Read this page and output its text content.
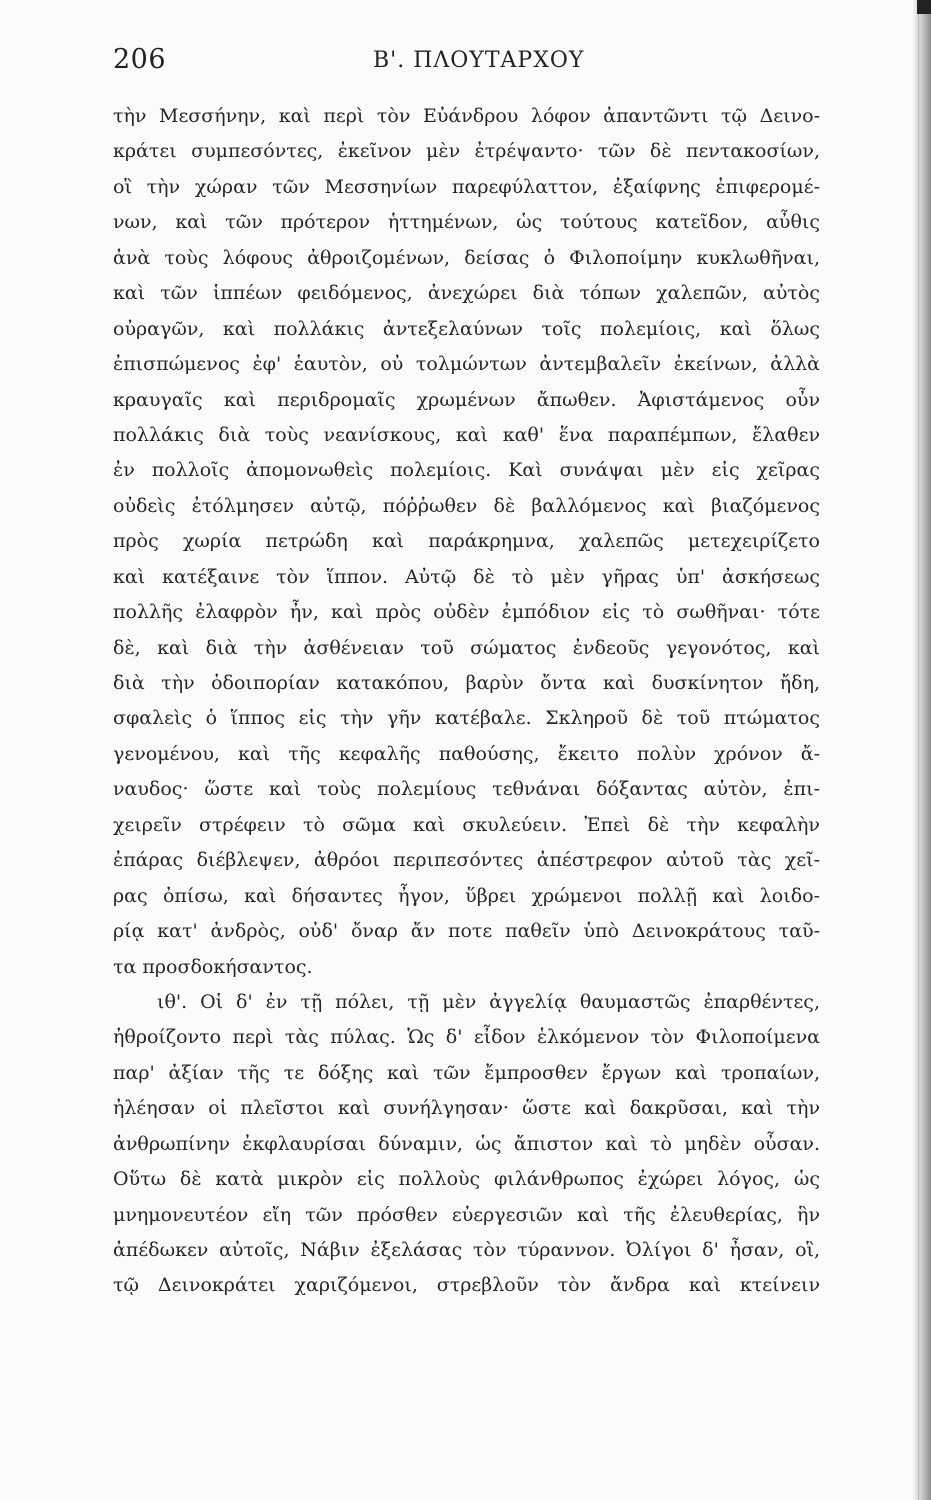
206	Β'. ΠΛΟΥΤΑΡΧΟΥ
τὴν Μεσσήνην, καὶ περὶ τὸν Εὐάνδρου λόφον ἀπαντῶντι τῷ Δεινο-
κράτει συμπεσόντες, ἐκεῖνον μὲν ἐτρέψαντο· τῶν δὲ πεντακοσίων,
οἳ τὴν χώραν τῶν Μεσσηνίων παρεφύλαττον, ἐξαίφνης ἐπιφερομέ-
νων, καὶ τῶν πρότερον ἡττημένων, ὡς τούτους κατεῖδον, αὖθις
ἀνὰ τοὺς λόφους ἀθροιζομένων, δείσας ὁ Φιλοποίμην κυκλωθῆναι,
καὶ τῶν ἱππέων φειδόμενος, ἀνεχώρει διὰ τόπων χαλεπῶν, αὐτὸς
οὐραγῶν, καὶ πολλάκις ἀντεξελαύνων τοῖς πολεμίοις, καὶ ὅλως
ἐπισπώμενος ἐφ' ἑαυτὸν, οὐ τολμώντων ἀντεμβαλεῖν ἐκείνων, ἀλλὰ
κραυγαῖς καὶ περιδρομαῖς χρωμένων ἄπωθεν. Ἀφιστάμενος οὖν
πολλάκις διὰ τοὺς νεανίσκους, καὶ καθ' ἕνα παραπέμπων, ἔλαθεν
ἐν πολλοῖς ἀπομονωθεὶς πολεμίοις. Καὶ συνάψαι μὲν εἰς χεῖρας
οὐδεὶς ἐτόλμησεν αὐτῷ, πόῤῥωθεν δὲ βαλλόμενος καὶ βιαζόμενος
πρὸς χωρία πετρώδη καὶ παράκρημνα, χαλεπῶς μετεχειρίζετο
καὶ κατέξαινε τὸν ἵππον. Αὐτῷ δὲ τὸ μὲν γῆρας ὑπ' ἀσκήσεως
πολλῆς ἐλαφρὸν ἦν, καὶ πρὸς οὐδὲν ἐμπόδιον εἰς τὸ σωθῆναι· τότε
δὲ, καὶ διὰ τὴν ἀσθένειαν τοῦ σώματος ἐνδεοῦς γεγονότος, καὶ
διὰ τὴν ὁδοιπορίαν κατακόπου, βαρὺν ὄντα καὶ δυσκίνητον ἤδη,
σφαλεὶς ὁ ἵππος εἰς τὴν γῆν κατέβαλε. Σκληροῦ δὲ τοῦ πτώματος
γενομένου, καὶ τῆς κεφαλῆς παθούσης, ἔκειτο πολὺν χρόνον ἄ-
ναυδος· ὥστε καὶ τοὺς πολεμίους τεθνάναι δόξαντας αὐτὸν, ἐπι-
χειρεῖν στρέφειν τὸ σῶμα καὶ σκυλεύειν. Ἐπεὶ δὲ τὴν κεφαλὴν
ἐπάρας διέβλεψεν, ἀθρόοι περιπεσόντες ἀπέστρεφον αὐτοῦ τὰς χεῖ-
ρας ὀπίσω, καὶ δήσαντες ἦγον, ὕβρει χρώμενοι πολλῇ καὶ λοιδο-
ρίᾳ κατ' ἀνδρὸς, οὐδ' ὄναρ ἄν ποτε παθεῖν ὑπὸ Δεινοκράτους ταῦ-
τα προσδοκήσαντος.
ιθ'. Οἱ δ' ἐν τῇ πόλει, τῇ μὲν ἀγγελίᾳ θαυμαστῶς ἐπαρθέντες,
ἠθροίζοντο περὶ τὰς πύλας. Ὡς δ' εἶδον ἑλκόμενον τὸν Φιλοποίμενα
παρ' ἀξίαν τῆς τε δόξης καὶ τῶν ἔμπροσθεν ἔργων καὶ τροπαίων,
ἠλέησαν οἱ πλεῖστοι καὶ συνήλγησαν· ὥστε καὶ δακρῦσαι, καὶ τὴν
ἀνθρωπίνην ἐκφλαυρίσαι δύναμιν, ὡς ἄπιστον καὶ τὸ μηδὲν οὖσαν.
Οὕτω δὲ κατὰ μικρὸν εἰς πολλοὺς φιλάνθρωπος ἐχώρει λόγος, ὡς
μνημονευτέον εἴη τῶν πρόσθεν εὐεργεσιῶν καὶ τῆς ἐλευθερίας, ἣν
ἀπέδωκεν αὐτοῖς, Νάβιν ἐξελάσας τὸν τύραννον. Ὀλίγοι δ' ἦσαν, οἳ,
τῷ Δεινοκράτει χαριζόμενοι, στρεβλοῦν τὸν ἄνδρα καὶ κτείνειν
